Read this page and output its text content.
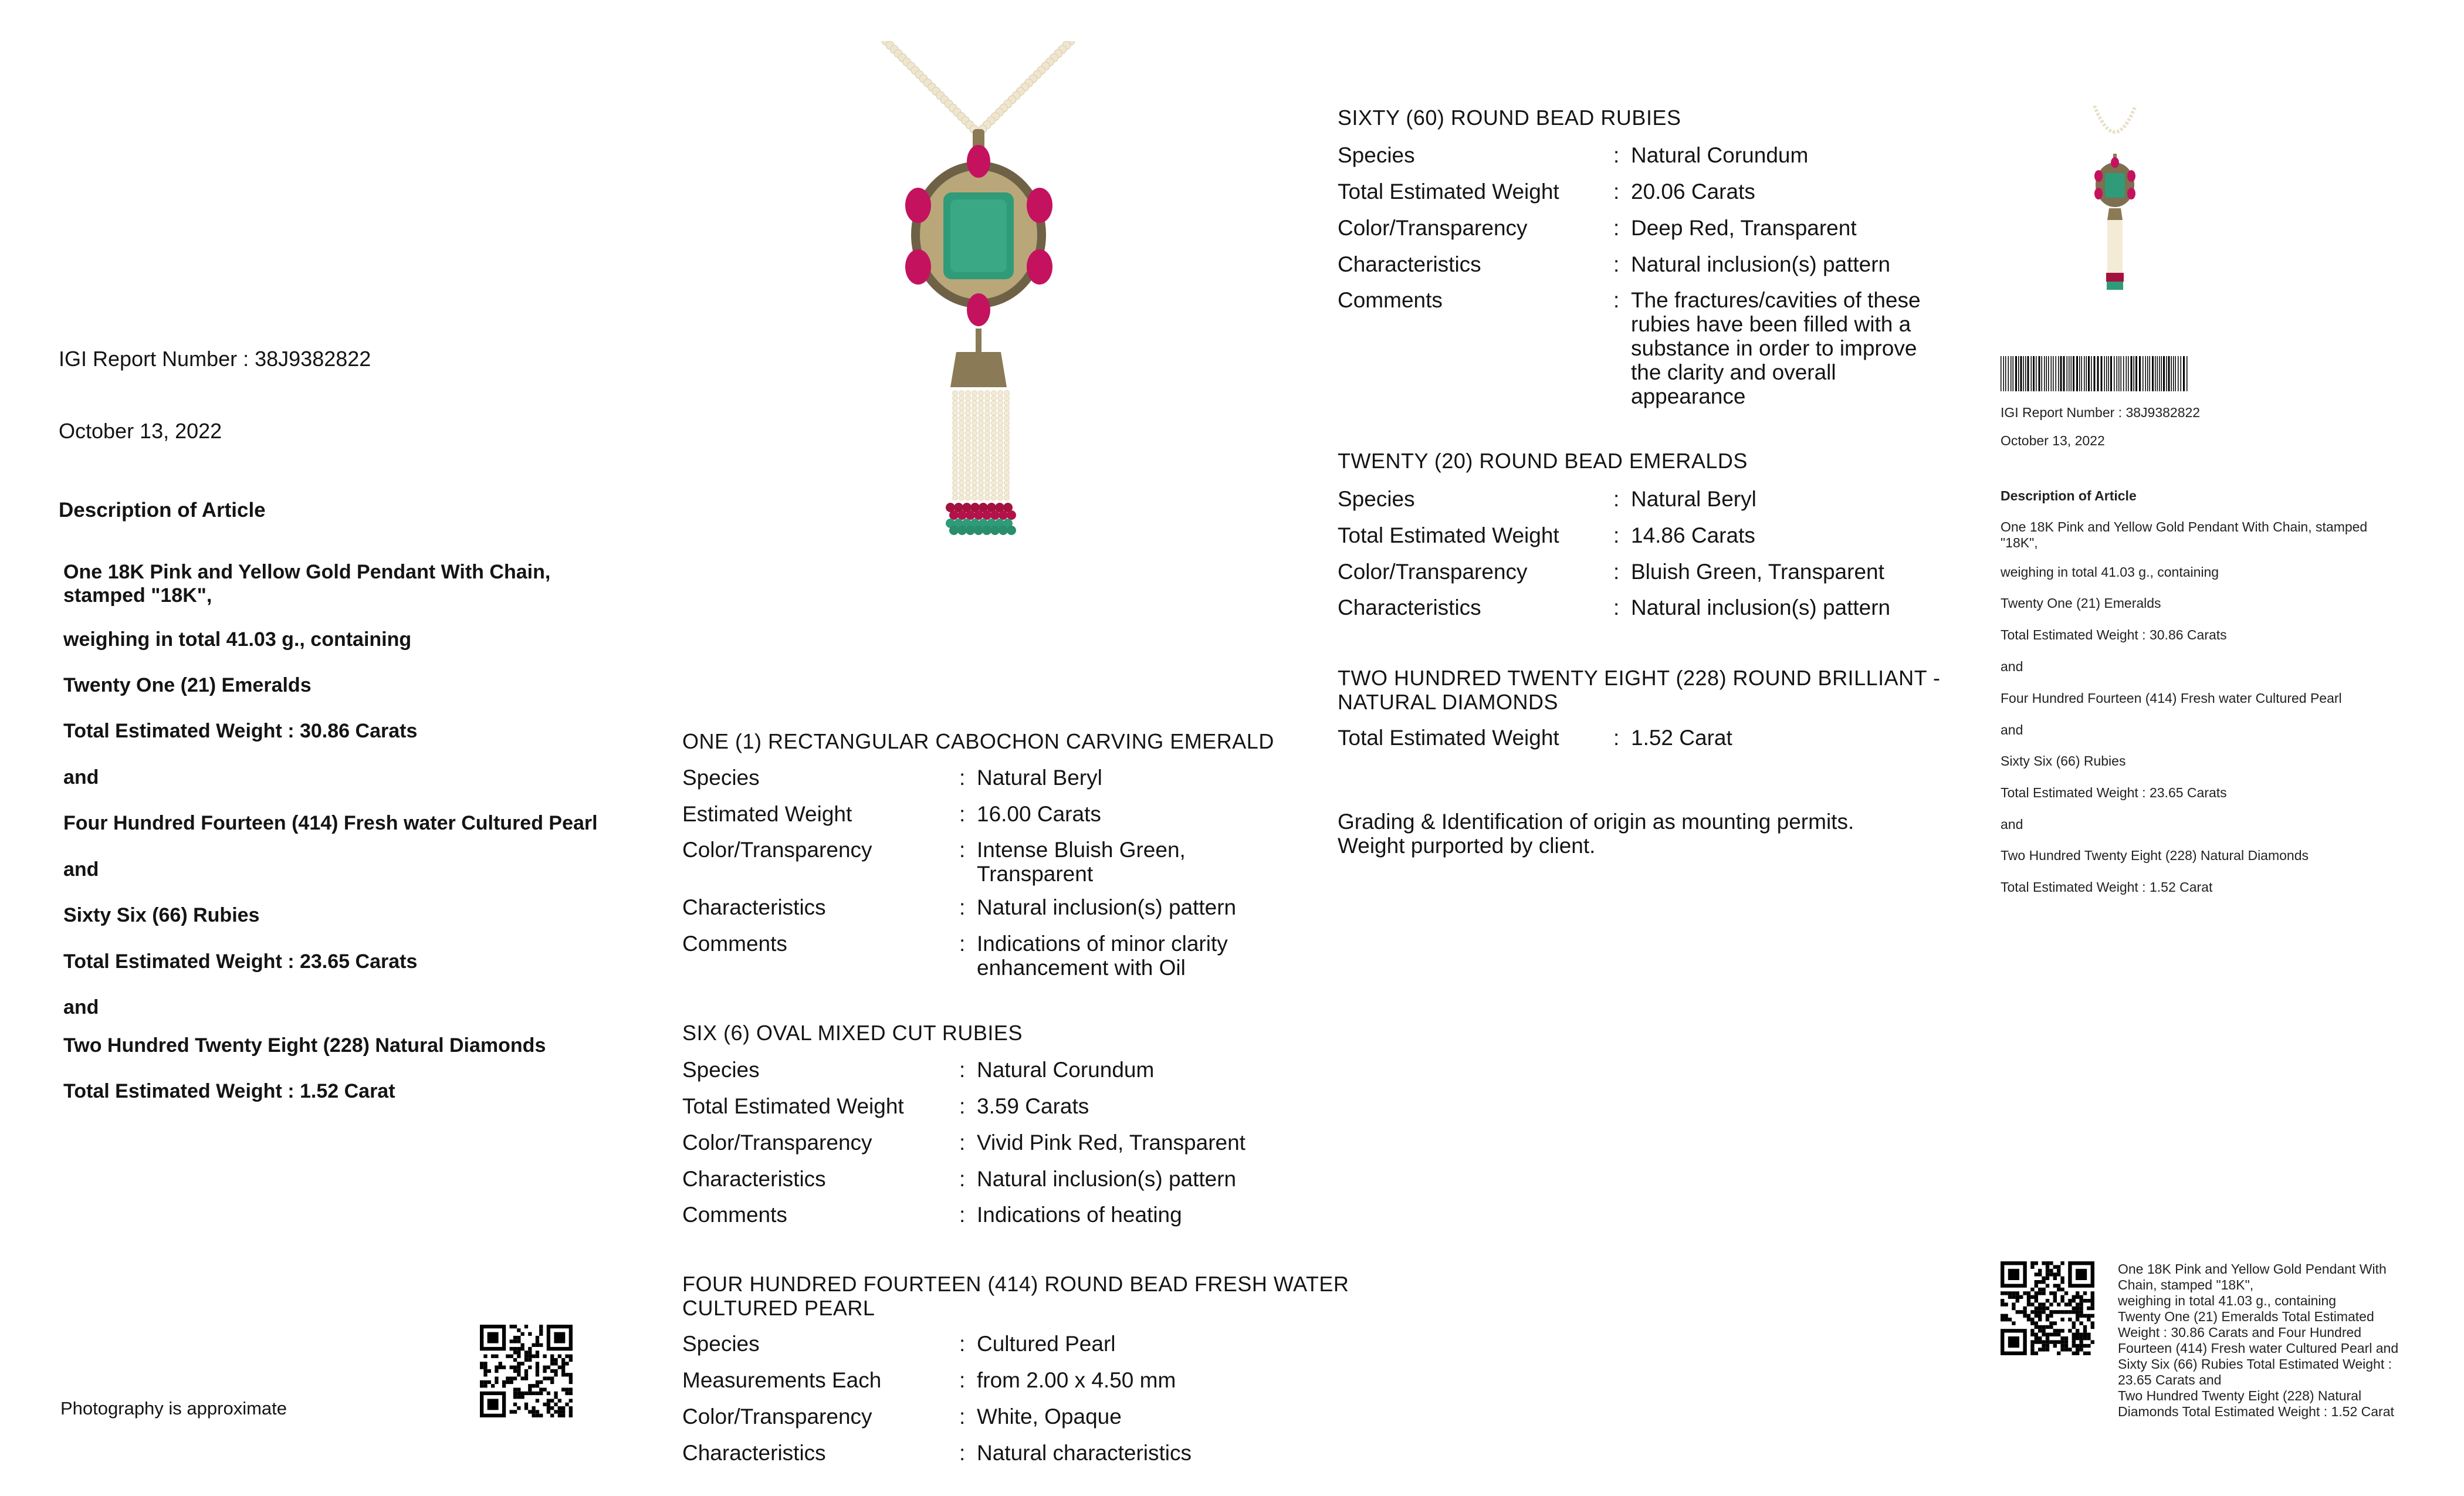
IGI Report Number : 38J9382822
October 13, 2022
Description of Article
One 18K Pink and Yellow Gold Pendant With Chain,
stamped "18K",
weighing in total 41.03 g., containing
Twenty One (21) Emeralds
Total Estimated Weight : 30.86 Carats
and
Four Hundred Fourteen (414) Fresh water Cultured Pearl
and
Sixty Six (66) Rubies
Total Estimated Weight : 23.65 Carats
and
Two Hundred Twenty Eight (228) Natural Diamonds
Total Estimated Weight : 1.52 Carat
Photography is approximate
ONE (1) RECTANGULAR CABOCHON CARVING EMERALD
Species	: Natural Beryl
Estimated Weight	: 16.00 Carats
Color/Transparency	: Intense Bluish Green,
Transparent
Characteristics	: Natural inclusion(s) pattern
Comments	: Indications of minor clarity
enhancement with Oil
SIX (6) OVAL MIXED CUT RUBIES
Species	: Natural Corundum
Total Estimated Weight	: 3.59 Carats
Color/Transparency	: Vivid Pink Red, Transparent
Characteristics	: Natural inclusion(s) pattern
Comments	: Indications of heating
FOUR HUNDRED FOURTEEN (414) ROUND BEAD FRESH WATER
CULTURED PEARL
Species	: Cultured Pearl
Measurements Each	: from 2.00 x 4.50 mm
Color/Transparency	: White, Opaque
Characteristics	: Natural characteristics
SIXTY (60) ROUND BEAD RUBIES
Species	: Natural Corundum
Total Estimated Weight : 20.06 Carats
Color/Transparency	: Deep Red, Transparent
Characteristics	: Natural inclusion(s) pattern
Comments	: The fractures/cavities of these
rubies have been filled with a
substance in order to improve
the clarity and overall
appearance
TWENTY (20) ROUND BEAD EMERALDS
Species	: Natural Beryl
Total Estimated Weight : 14.86 Carats
Color/Transparency	: Bluish Green, Transparent
Characteristics	: Natural inclusion(s) pattern
TWO HUNDRED TWENTY EIGHT (228) ROUND BRILLIANT -
NATURAL DIAMONDS
Total Estimated Weight : 1.52 Carat
Grading & Identification of origin as mounting permits.
Weight purported by client.
IGI Report Number : 38J9382822
October 13, 2022
Description of Article
One 18K Pink and Yellow Gold Pendant With Chain, stamped
"18K",
weighing in total 41.03 g., containing
Twenty One (21) Emeralds
Total Estimated Weight : 30.86 Carats
and
Four Hundred Fourteen (414) Fresh water Cultured Pearl
and
Sixty Six (66) Rubies
Total Estimated Weight : 23.65 Carats
and
Two Hundred Twenty Eight (228) Natural Diamonds
Total Estimated Weight : 1.52 Carat
One 18K Pink and Yellow Gold Pendant With
Chain, stamped "18K",
weighing in total 41.03 g., containing
Twenty One (21) Emeralds Total Estimated
Weight : 30.86 Carats and Four Hundred
Fourteen (414) Fresh water Cultured Pearl and
Sixty Six (66) Rubies Total Estimated Weight :
23.65 Carats and
Two Hundred Twenty Eight (228) Natural
Diamonds Total Estimated Weight : 1.52 Carat
